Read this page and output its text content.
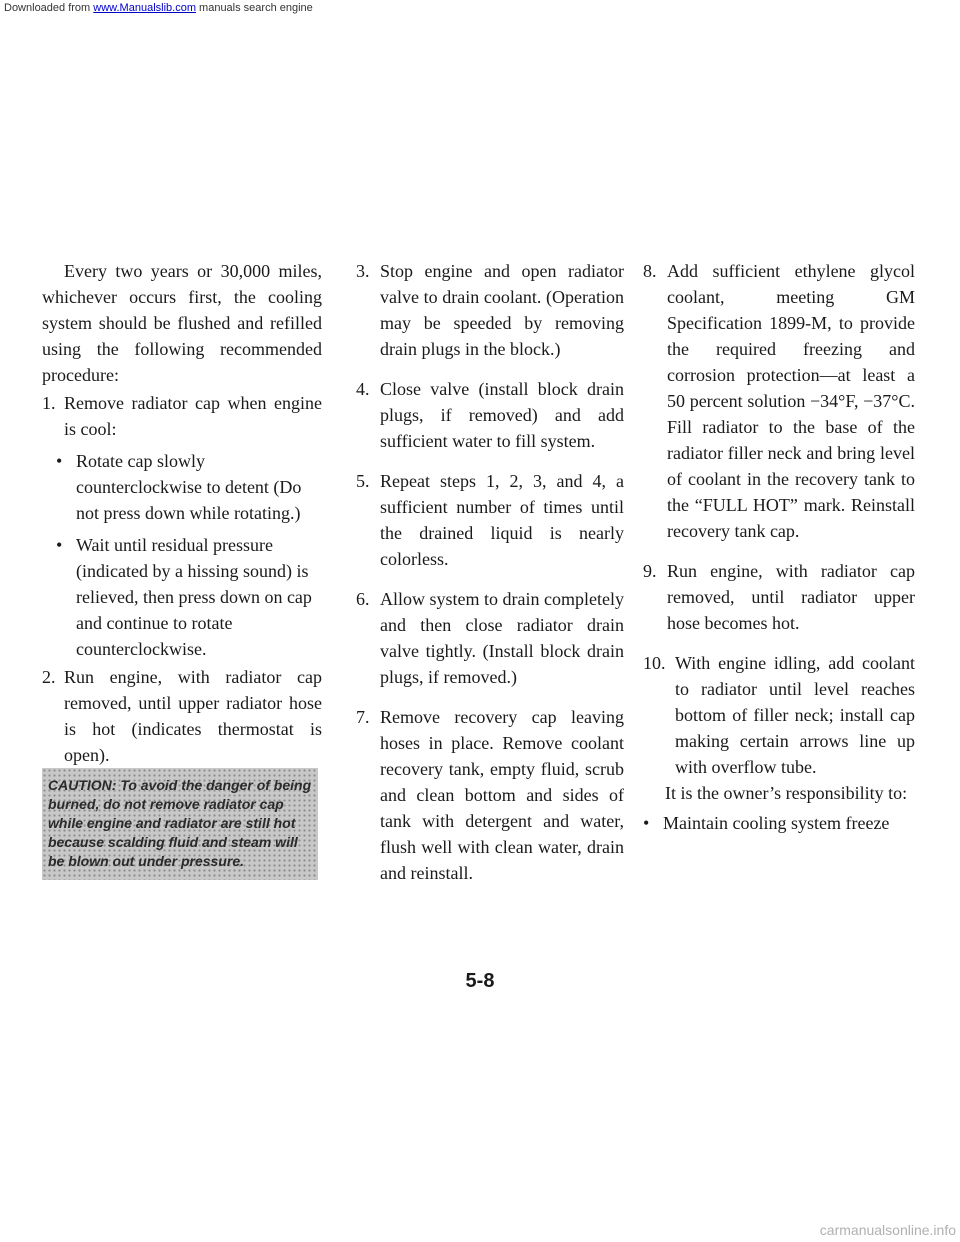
Downloaded from www.Manualslib.com manuals search engine

Every two years or 30,000 miles, whichever occurs first, the cooling system should be flushed and refilled using the following recommended procedure:

1. Remove radiator cap when engine is cool:
• Rotate cap slowly counterclockwise to detent (Do not press down while rotating.)
• Wait until residual pressure (indicated by a hissing sound) is relieved, then press down on cap and continue to rotate counterclockwise.
2. Run engine, with radiator cap removed, until upper radiator hose is hot (indicates thermostat is open).
CAUTION: To avoid the danger of being burned, do not remove radiator cap while engine and radiator are still hot because scalding fluid and steam will be blown out under pressure.
3. Stop engine and open radiator valve to drain coolant. (Operation may be speeded by removing drain plugs in the block.)
4. Close valve (install block drain plugs, if removed) and add sufficient water to fill system.
5. Repeat steps 1, 2, 3, and 4, a sufficient number of times until the drained liquid is nearly colorless.
6. Allow system to drain completely and then close radiator drain valve tightly. (Install block drain plugs, if removed.)
7. Remove recovery cap leaving hoses in place. Remove coolant recovery tank, empty fluid, scrub and clean bottom and sides of tank with detergent and water, flush well with clean water, drain and reinstall.
8. Add sufficient ethylene glycol coolant, meeting GM Specification 1899-M, to provide the required freezing and corrosion protection—at least a 50 percent solution −34°F, −37°C. Fill radiator to the base of the radiator filler neck and bring level of coolant in the recovery tank to the “FULL HOT” mark. Reinstall recovery tank cap.
9. Run engine, with radiator cap removed, until radiator upper hose becomes hot.
10. With engine idling, add coolant to radiator until level reaches bottom of filler neck; install cap making certain arrows line up with overflow tube.

It is the owner’s responsibility to:

• Maintain cooling system freeze
5-8
carmanualsonline.info
